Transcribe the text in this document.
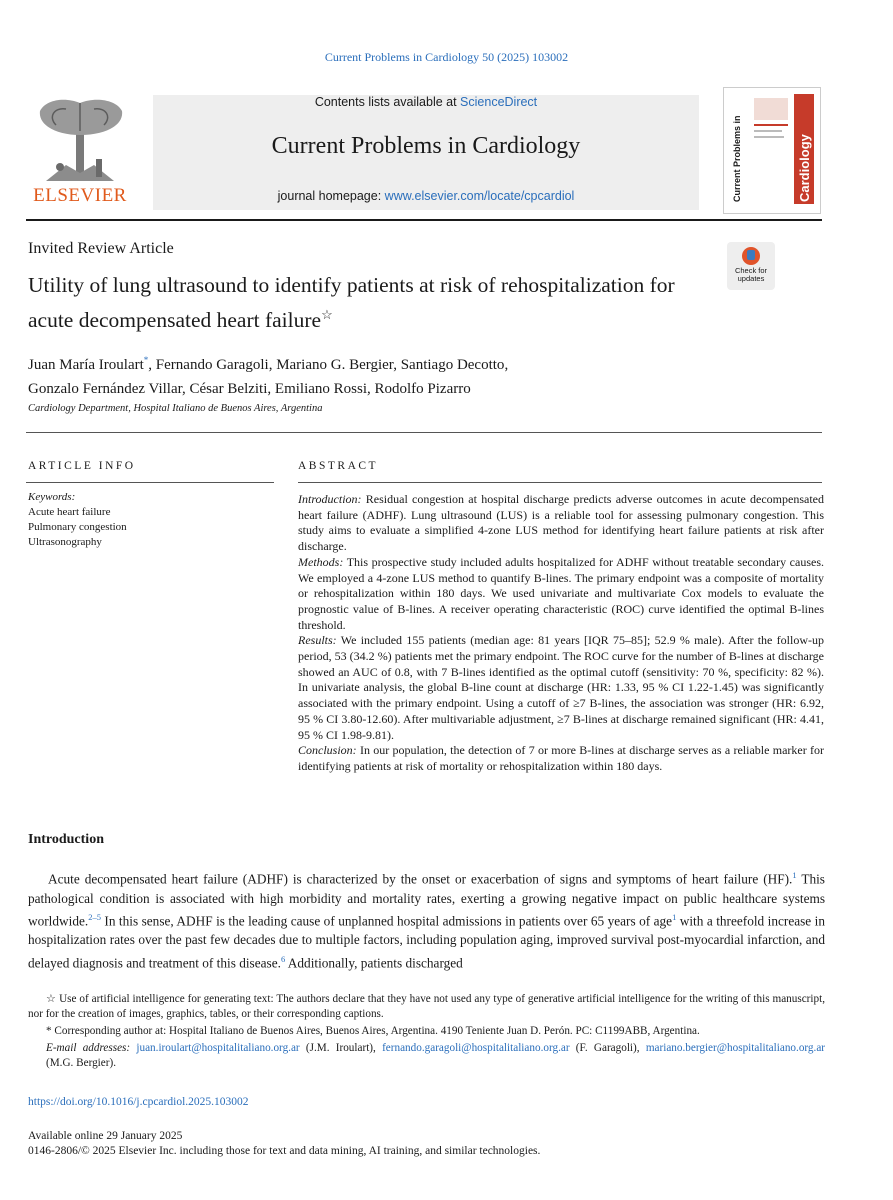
Current Problems in Cardiology 50 (2025) 103002
ELSEVIER
Contents lists available at ScienceDirect
Current Problems in Cardiology
journal homepage: www.elsevier.com/locate/cpcardiol	Current Problems in	Cardiology
Invited Review Article
Utility of lung ultrasound to identify patients at risk of rehospitalization for acute decompensated heart failure☆
Check for updates
Juan María Iroulart*, Fernando Garagoli, Mariano G. Bergier, Santiago Decotto,
Gonzalo Fernández Villar, César Belziti, Emiliano Rossi, Rodolfo Pizarro
Cardiology Department, Hospital Italiano de Buenos Aires, Argentina
ARTICLE INFO
Keywords:
Acute heart failure
Pulmonary congestion
Ultrasonography
ABSTRACT

Introduction: Residual congestion at hospital discharge predicts adverse outcomes in acute decompensated heart failure (ADHF). Lung ultrasound (LUS) is a reliable tool for assessing pulmonary congestion. This study aims to evaluate a simplified 4-zone LUS method for identifying heart failure patients at risk after discharge.

Methods: This prospective study included adults hospitalized for ADHF without treatable secondary causes. We employed a 4-zone LUS method to quantify B-lines. The primary endpoint was a composite of mortality or rehospitalization within 180 days. We used univariate and multivariate Cox models to evaluate the prognostic value of B-lines. A receiver operating characteristic (ROC) curve identified the optimal B-lines threshold.

Results: We included 155 patients (median age: 81 years [IQR 75–85]; 52.9 % male). After the follow-up period, 53 (34.2 %) patients met the primary endpoint. The ROC curve for the number of B-lines at discharge showed an AUC of 0.8, with 7 B-lines identified as the optimal cutoff (sensitivity: 70 %, specificity: 82 %). In univariate analysis, the global B-line count at discharge (HR: 1.33, 95 % CI 1.22-1.45) was significantly associated with the primary endpoint. Using a cutoff of ≥7 B-lines, the association was stronger (HR: 6.92, 95 % CI 3.80-12.60). After multivariable adjustment, ≥7 B-lines at discharge remained significant (HR: 4.41, 95 % CI 1.98-9.81).

Conclusion: In our population, the detection of 7 or more B-lines at discharge serves as a reliable marker for identifying patients at risk of mortality or rehospitalization within 180 days.

Introduction
Acute decompensated heart failure (ADHF) is characterized by the onset or exacerbation of signs and symptoms of heart failure (HF).$^1$ This pathological condition is associated with high morbidity and mortality rates, exerting a growing negative impact on public healthcare systems worldwide.$^{2-5}$ In this sense, ADHF is the leading cause of unplanned hospital admissions in patients over 65 years of age$^1$ with a threefold increase in hospitalization rates over the past few decades due to multiple factors, including population aging, improved survival post-myocardial infarction, and delayed diagnosis and treatment of this disease.$^6$ Additionally, patients discharged

☆ Use of artificial intelligence for generating text: The authors declare that they have not used any type of generative artificial intelligence for the writing of this manuscript, nor for the creation of images, graphics, tables, or their corresponding captions.

* Corresponding author at: Hospital Italiano de Buenos Aires, Buenos Aires, Argentina. 4190 Teniente Juan D. Perón. PC: C1199ABB, Argentina.

E-mail addresses: juan.iroulart@hospitalitaliano.org.ar (J.M. Iroulart), fernando.garagoli@hospitalitaliano.org.ar (F. Garagoli), mariano.bergier@hospitalitaliano.org.ar (M.G. Bergier).

https://doi.org/10.1016/j.cpcardiol.2025.103002
Available online 29 January 2025
0146-2806/© 2025 Elsevier Inc. including those for text and data mining, AI training, and similar technologies.
